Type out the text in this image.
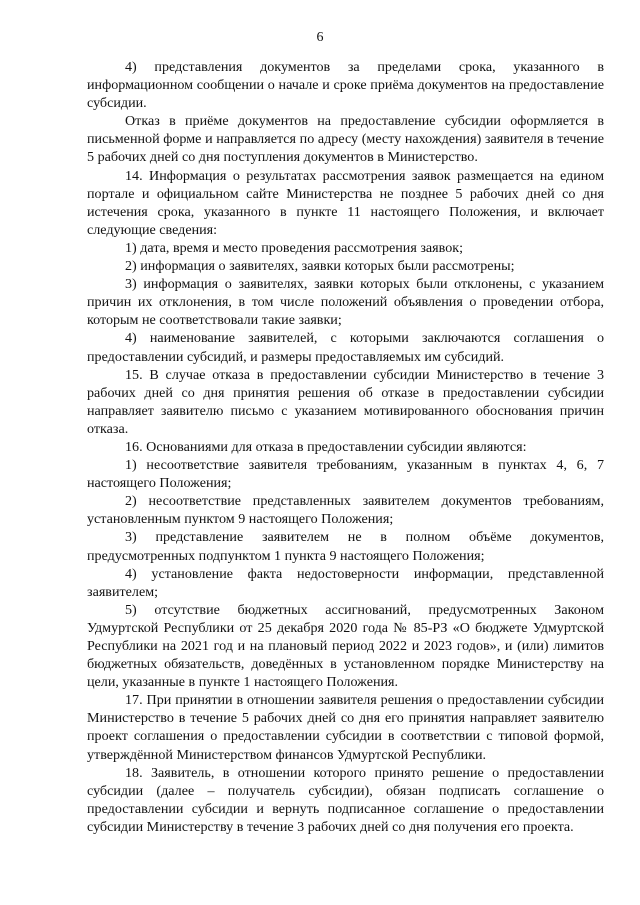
6

4) представления документов за пределами срока, указанного в информационном сообщении о начале и сроке приёма документов на предоставление субсидии.

Отказ в приёме документов на предоставление субсидии оформляется в письменной форме и направляется по адресу (месту нахождения) заявителя в течение 5 рабочих дней со дня поступления документов в Министерство.

14. Информация о результатах рассмотрения заявок размещается на едином портале и официальном сайте Министерства не позднее 5 рабочих дней со дня истечения срока, указанного в пункте 11 настоящего Положения, и включает следующие сведения:

1) дата, время и место проведения рассмотрения заявок;

2) информация о заявителях, заявки которых были рассмотрены;

3) информация о заявителях, заявки которых были отклонены, с указанием причин их отклонения, в том числе положений объявления о проведении отбора, которым не соответствовали такие заявки;

4) наименование заявителей, с которыми заключаются соглашения о предоставлении субсидий, и размеры предоставляемых им субсидий.

15. В случае отказа в предоставлении субсидии Министерство в течение 3 рабочих дней со дня принятия решения об отказе в предоставлении субсидии направляет заявителю письмо с указанием мотивированного обоснования причин отказа.

16. Основаниями для отказа в предоставлении субсидии являются:

1) несоответствие заявителя требованиям, указанным в пунктах 4, 6, 7 настоящего Положения;

2) несоответствие представленных заявителем документов требованиям, установленным пунктом 9 настоящего Положения;

3) представление заявителем не в полном объёме документов, предусмотренных подпунктом 1 пункта 9 настоящего Положения;

4) установление факта недостоверности информации, представленной заявителем;

5) отсутствие бюджетных ассигнований, предусмотренных Законом Удмуртской Республики от 25 декабря 2020 года № 85-РЗ «О бюджете Удмуртской Республики на 2021 год и на плановый период 2022 и 2023 годов», и (или) лимитов бюджетных обязательств, доведённых в установленном порядке Министерству на цели, указанные в пункте 1 настоящего Положения.

17. При принятии в отношении заявителя решения о предоставлении субсидии Министерство в течение 5 рабочих дней со дня его принятия направляет заявителю проект соглашения о предоставлении субсидии в соответствии с типовой формой, утверждённой Министерством финансов Удмуртской Республики.

18. Заявитель, в отношении которого принято решение о предоставлении субсидии (далее – получатель субсидии), обязан подписать соглашение о предоставлении субсидии и вернуть подписанное соглашение о предоставлении субсидии Министерству в течение 3 рабочих дней со дня получения его проекта.
